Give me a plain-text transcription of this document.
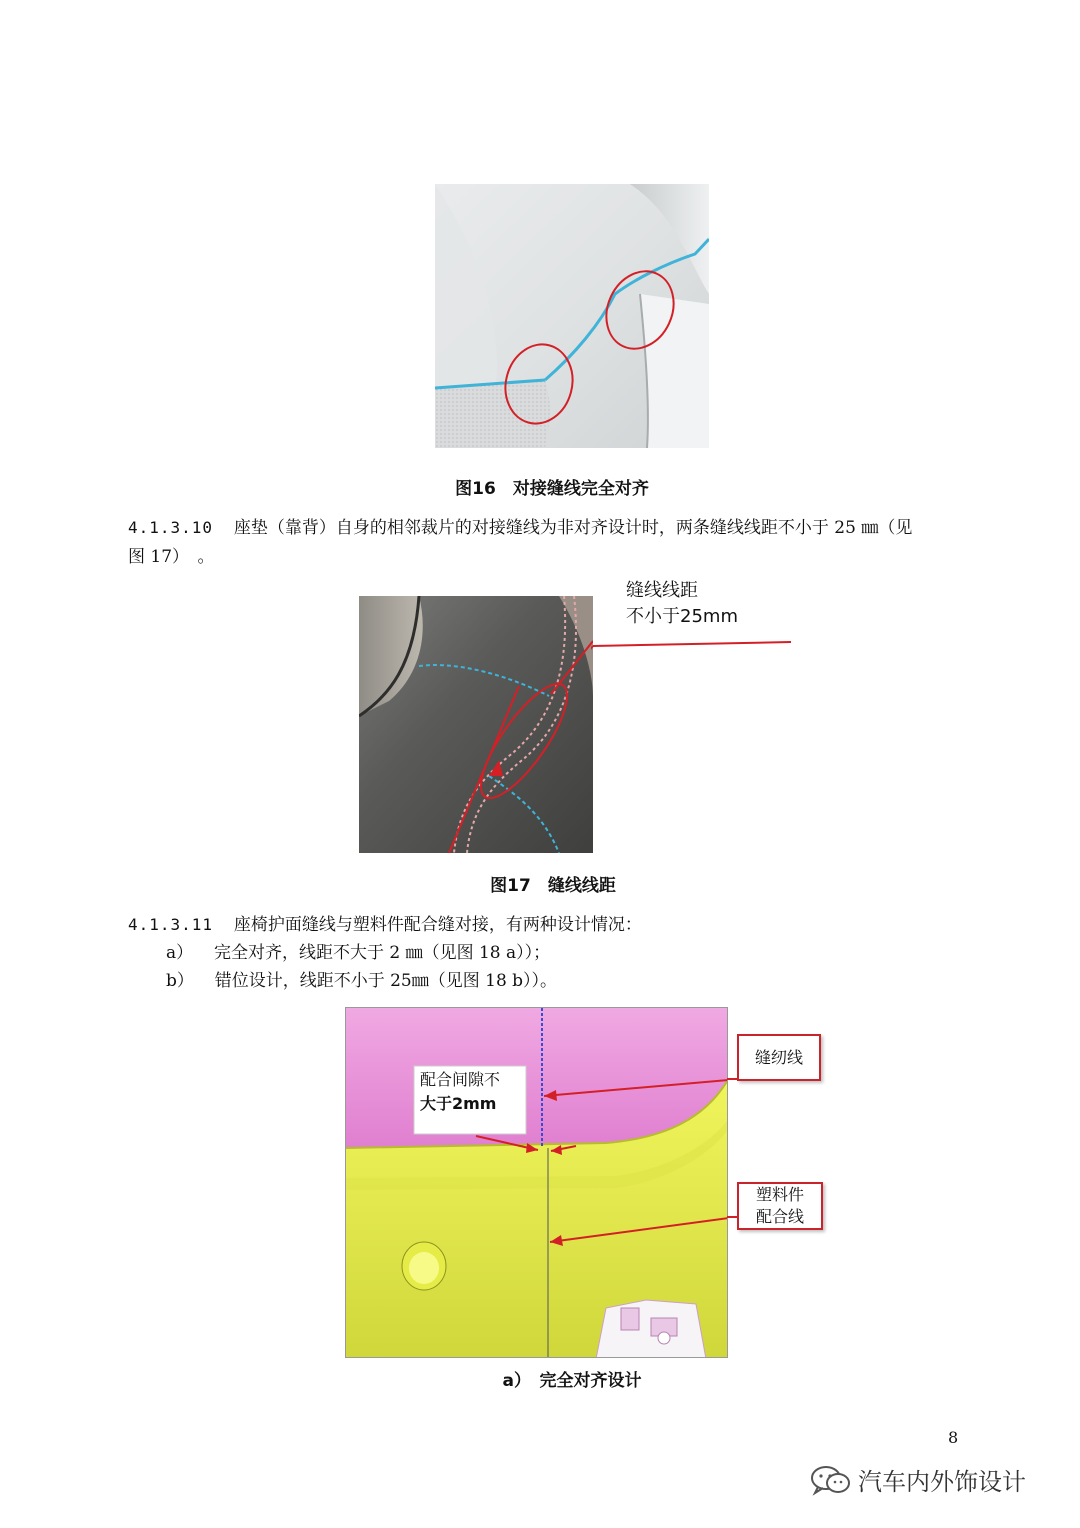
图16　对接缝线完全对齐
4.1.3.10 座垫（靠背）自身的相邻裁片的对接缝线为非对齐设计时，两条缝线线距不小于 25 ㎜（见
图 17）　。
缝线线距
不小于25mm
图17　缝线线距
4.1.3.11 座椅护面缝线与塑料件配合缝对接，有两种设计情况：
a） 完全对齐，线距不大于 2 ㎜（见图 18 a））；
b） 错位设计，线距不小于 25㎜（见图 18 b））。
配合间隙不
大于2mm
缝纫线
塑料件
配合线
a）　完全对齐设计
8
汽车内外饰设计
